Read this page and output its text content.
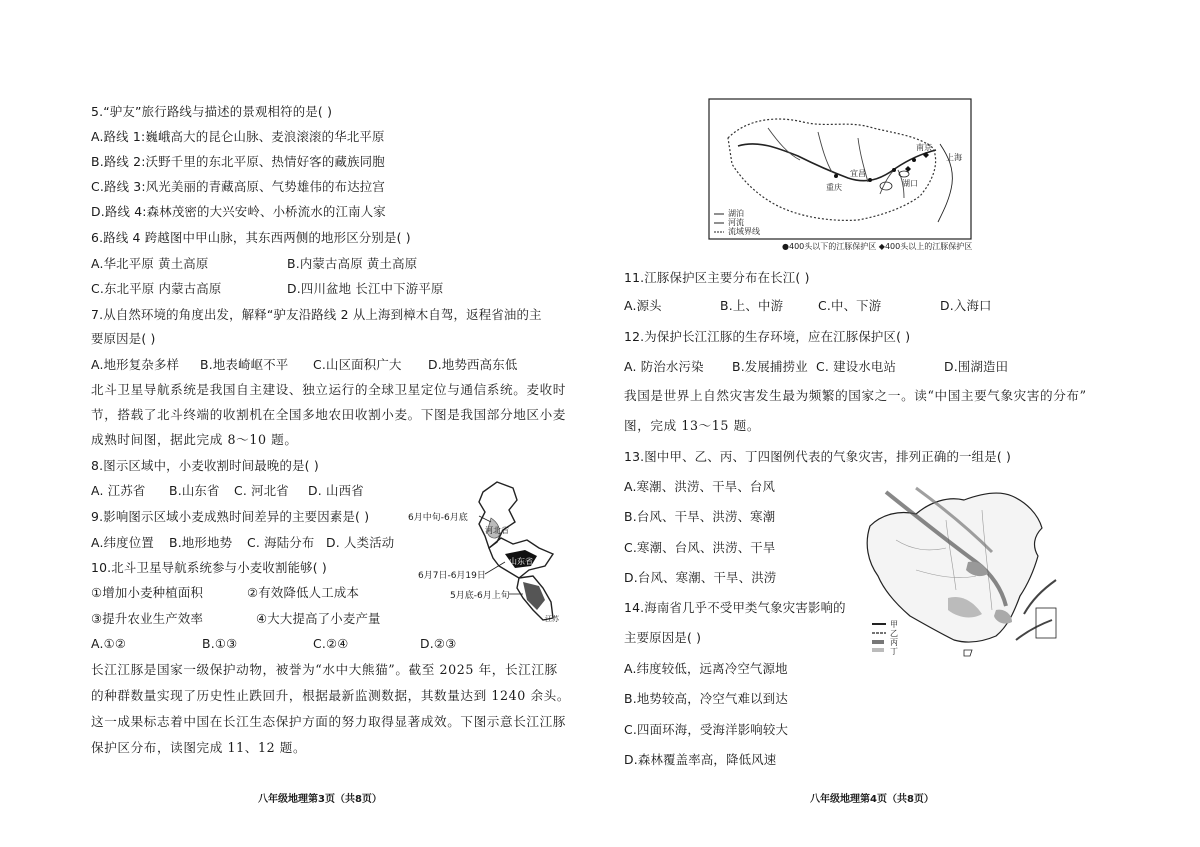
5.“驴友”旅行路线与描述的景观相符的是( )
A.路线 1:巍峨高大的昆仑山脉、麦浪滚滚的华北平原
B.路线 2:沃野千里的东北平原、热情好客的藏族同胞
C.路线 3:风光美丽的青藏高原、气势雄伟的布达拉宫
D.路线 4:森林茂密的大兴安岭、小桥流水的江南人家
6.路线 4 跨越图中甲山脉，其东西两侧的地形区分别是( )
A.华北平原 黄土高原	B.内蒙古高原 黄土高原
C.东北平原 内蒙古高原	D.四川盆地 长江中下游平原
7.从自然环境的角度出发，解释“驴友沿路线 2 从上海到樟木自驾，返程省油的主
要原因是( )
A.地形复杂多样 B.地表崎岖不平 C.山区面积广大 D.地势西高东低
北斗卫星导航系统是我国自主建设、独立运行的全球卫星定位与通信系统。麦收时
节，搭载了北斗终端的收割机在全国多地农田收割小麦。下图是我国部分地区小麦
成熟时间图，据此完成 8～10 题。
8.图示区域中，小麦收割时间最晚的是( )
A. 江苏省 B.山东省 C. 河北省 D. 山西省
9.影响图示区域小麦成熟时间差异的主要因素是( )
A.纬度位置 B.地形地势 C. 海陆分布 D. 人类活动
10.北斗卫星导航系统参与小麦收割能够( )
①增加小麦种植面积	②有效降低人工成本
③提升农业生产效率	④大大提高了小麦产量
A.①②	B.①③	C.②④	D.②③
6月中旬-6月底
河北省
山东省
6月7日-6月19日
5月底-6月上旬
江苏
长江江豚是国家一级保护动物，被誉为“水中大熊猫”。截至 2025 年，长江江豚
的种群数量实现了历史性止跌回升，根据最新监测数据，其数量达到 1240 余头。
这一成果标志着中国在长江生态保护方面的努力取得显著成效。下图示意长江江豚
保护区分布，读图完成 11、12 题。
八年级地理第3页（共8页）
湖泊
河流
流域界线
南京
上海
宜昌
重庆	湖口
●400头以下的江豚保护区 ◆400头以上的江豚保护区
11.江豚保护区主要分布在长江( )
A.源头	B.上、中游	C.中、下游	D.入海口
12.为保护长江江豚的生存环境，应在江豚保护区( )
A. 防治水污染 B.发展捕捞业 C. 建设水电站	D.围湖造田
我国是世界上自然灾害发生最为频繁的国家之一。读“中国主要气象灾害的分布”
图，完成 13～15 题。
13.图中甲、乙、丙、丁四图例代表的气象灾害，排列正确的一组是( )
A.寒潮、洪涝、干旱、台风
B.台风、干旱、洪涝、寒潮
C.寒潮、台风、洪涝、干旱
D.台风、寒潮、干旱、洪涝
14.海南省几乎不受甲类气象灾害影响的
主要原因是( )
A.纬度较低，远离冷空气源地
B.地势较高，冷空气难以到达
C.四面环海，受海洋影响较大
D.森林覆盖率高，降低风速
甲
乙
丙
丁
八年级地理第4页（共8页）
